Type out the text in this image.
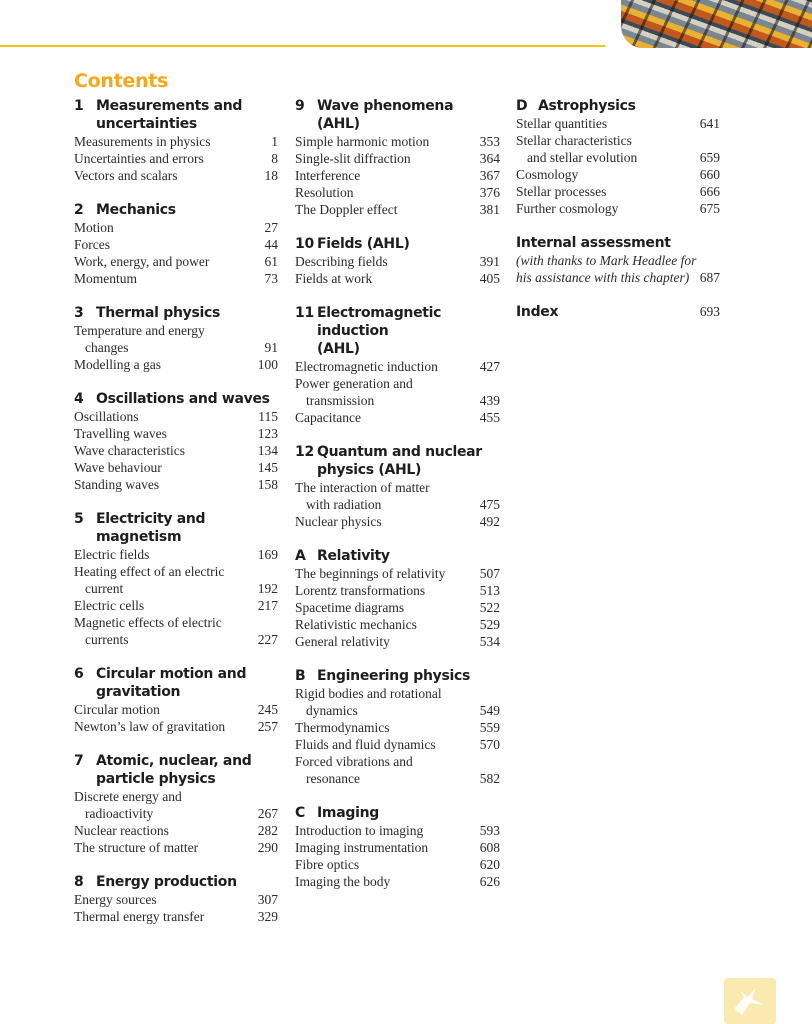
Contents
1 Measurements and
uncertainties
Measurements in physics	1
Uncertainties and errors	8
Vectors and scalars	18
2 Mechanics
Motion	27
Forces	44
Work, energy, and power	61
Momentum	73
3 Thermal physics
Temperature and energy
changes	91
Modelling a gas	100
4 Oscillations and waves
Oscillations	115
Travelling waves	123
Wave characteristics	134
Wave behaviour	145
Standing waves	158
5 Electricity and magnetism
Electric fields	169
Heating effect of an electric
current	192
Electric cells	217
Magnetic effects of electric
currents	227
6 Circular motion and
gravitation
Circular motion	245
Newton’s law of gravitation	257
7 Atomic, nuclear, and
particle physics
Discrete energy and
radioactivity	267
Nuclear reactions	282
The structure of matter	290
8 Energy production
Energy sources	307
Thermal energy transfer	329
9 Wave phenomena (AHL)
Simple harmonic motion	353
Single-slit diffraction	364
Interference	367
Resolution	376
The Doppler effect	381
10 Fields (AHL)
Describing fields	391
Fields at work	405
11 Electromagnetic induction
(AHL)
Electromagnetic induction	427
Power generation and
transmission	439
Capacitance	455
12 Quantum and nuclear
physics (AHL)
The interaction of matter
with radiation	475
Nuclear physics	492
A Relativity
The beginnings of relativity	507
Lorentz transformations	513
Spacetime diagrams	522
Relativistic mechanics	529
General relativity	534
B Engineering physics
Rigid bodies and rotational
dynamics	549
Thermodynamics	559
Fluids and fluid dynamics	570
Forced vibrations and
resonance	582
C Imaging
Introduction to imaging	593
Imaging instrumentation	608
Fibre optics	620
Imaging the body	626
D Astrophysics
Stellar quantities	641
Stellar characteristics
and stellar evolution	659
Cosmology	660
Stellar processes	666
Further cosmology	675
Internal assessment
(with thanks to Mark Headlee for
his assistance with this chapter) 687
Index	693
